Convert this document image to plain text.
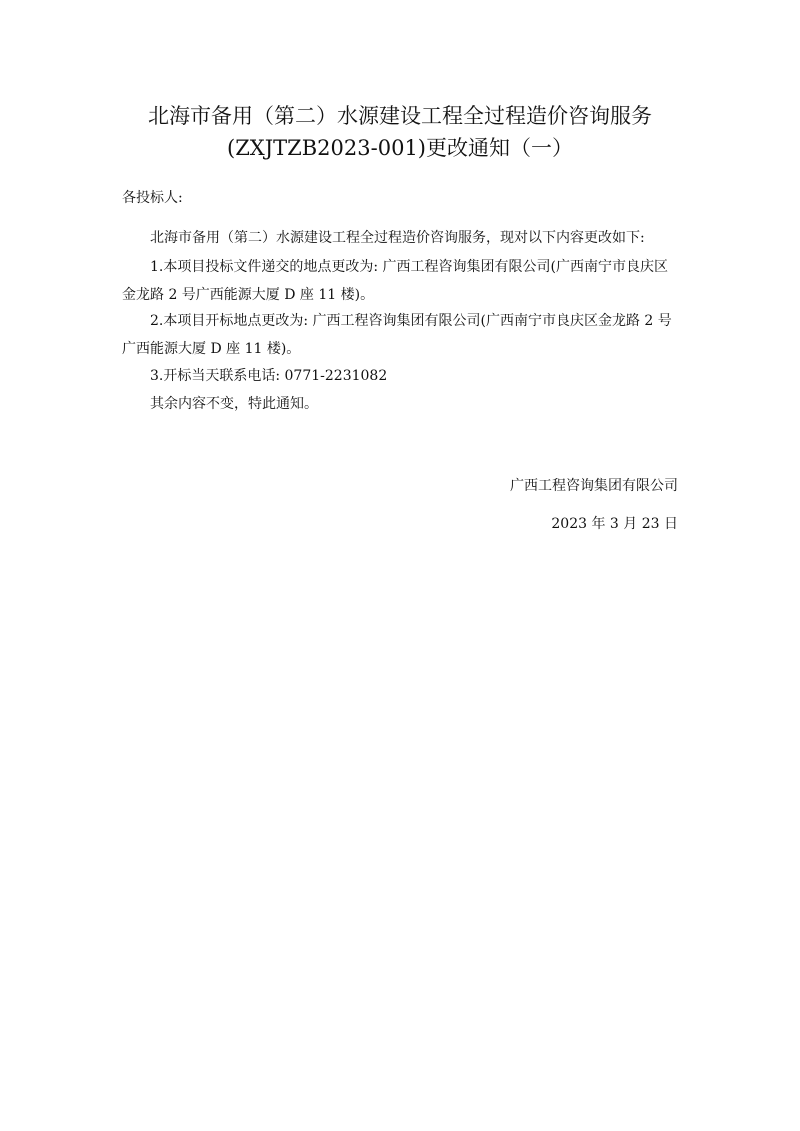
北海市备用（第二）水源建设工程全过程造价咨询服务
(ZXJTZB2023-001)更改通知（一）

各投标人:

北海市备用（第二）水源建设工程全过程造价咨询服务，现对以下内容更改如下:
1.本项目投标文件递交的地点更改为: 广西工程咨询集团有限公司(广西南宁市良庆区
金龙路 2 号广西能源大厦 D 座 11 楼)。
2.本项目开标地点更改为: 广西工程咨询集团有限公司(广西南宁市良庆区金龙路 2 号
广西能源大厦 D 座 11 楼)。
3.开标当天联系电话: 0771-2231082
其余内容不变，特此通知。

广西工程咨询集团有限公司

2023 年 3 月 23 日
